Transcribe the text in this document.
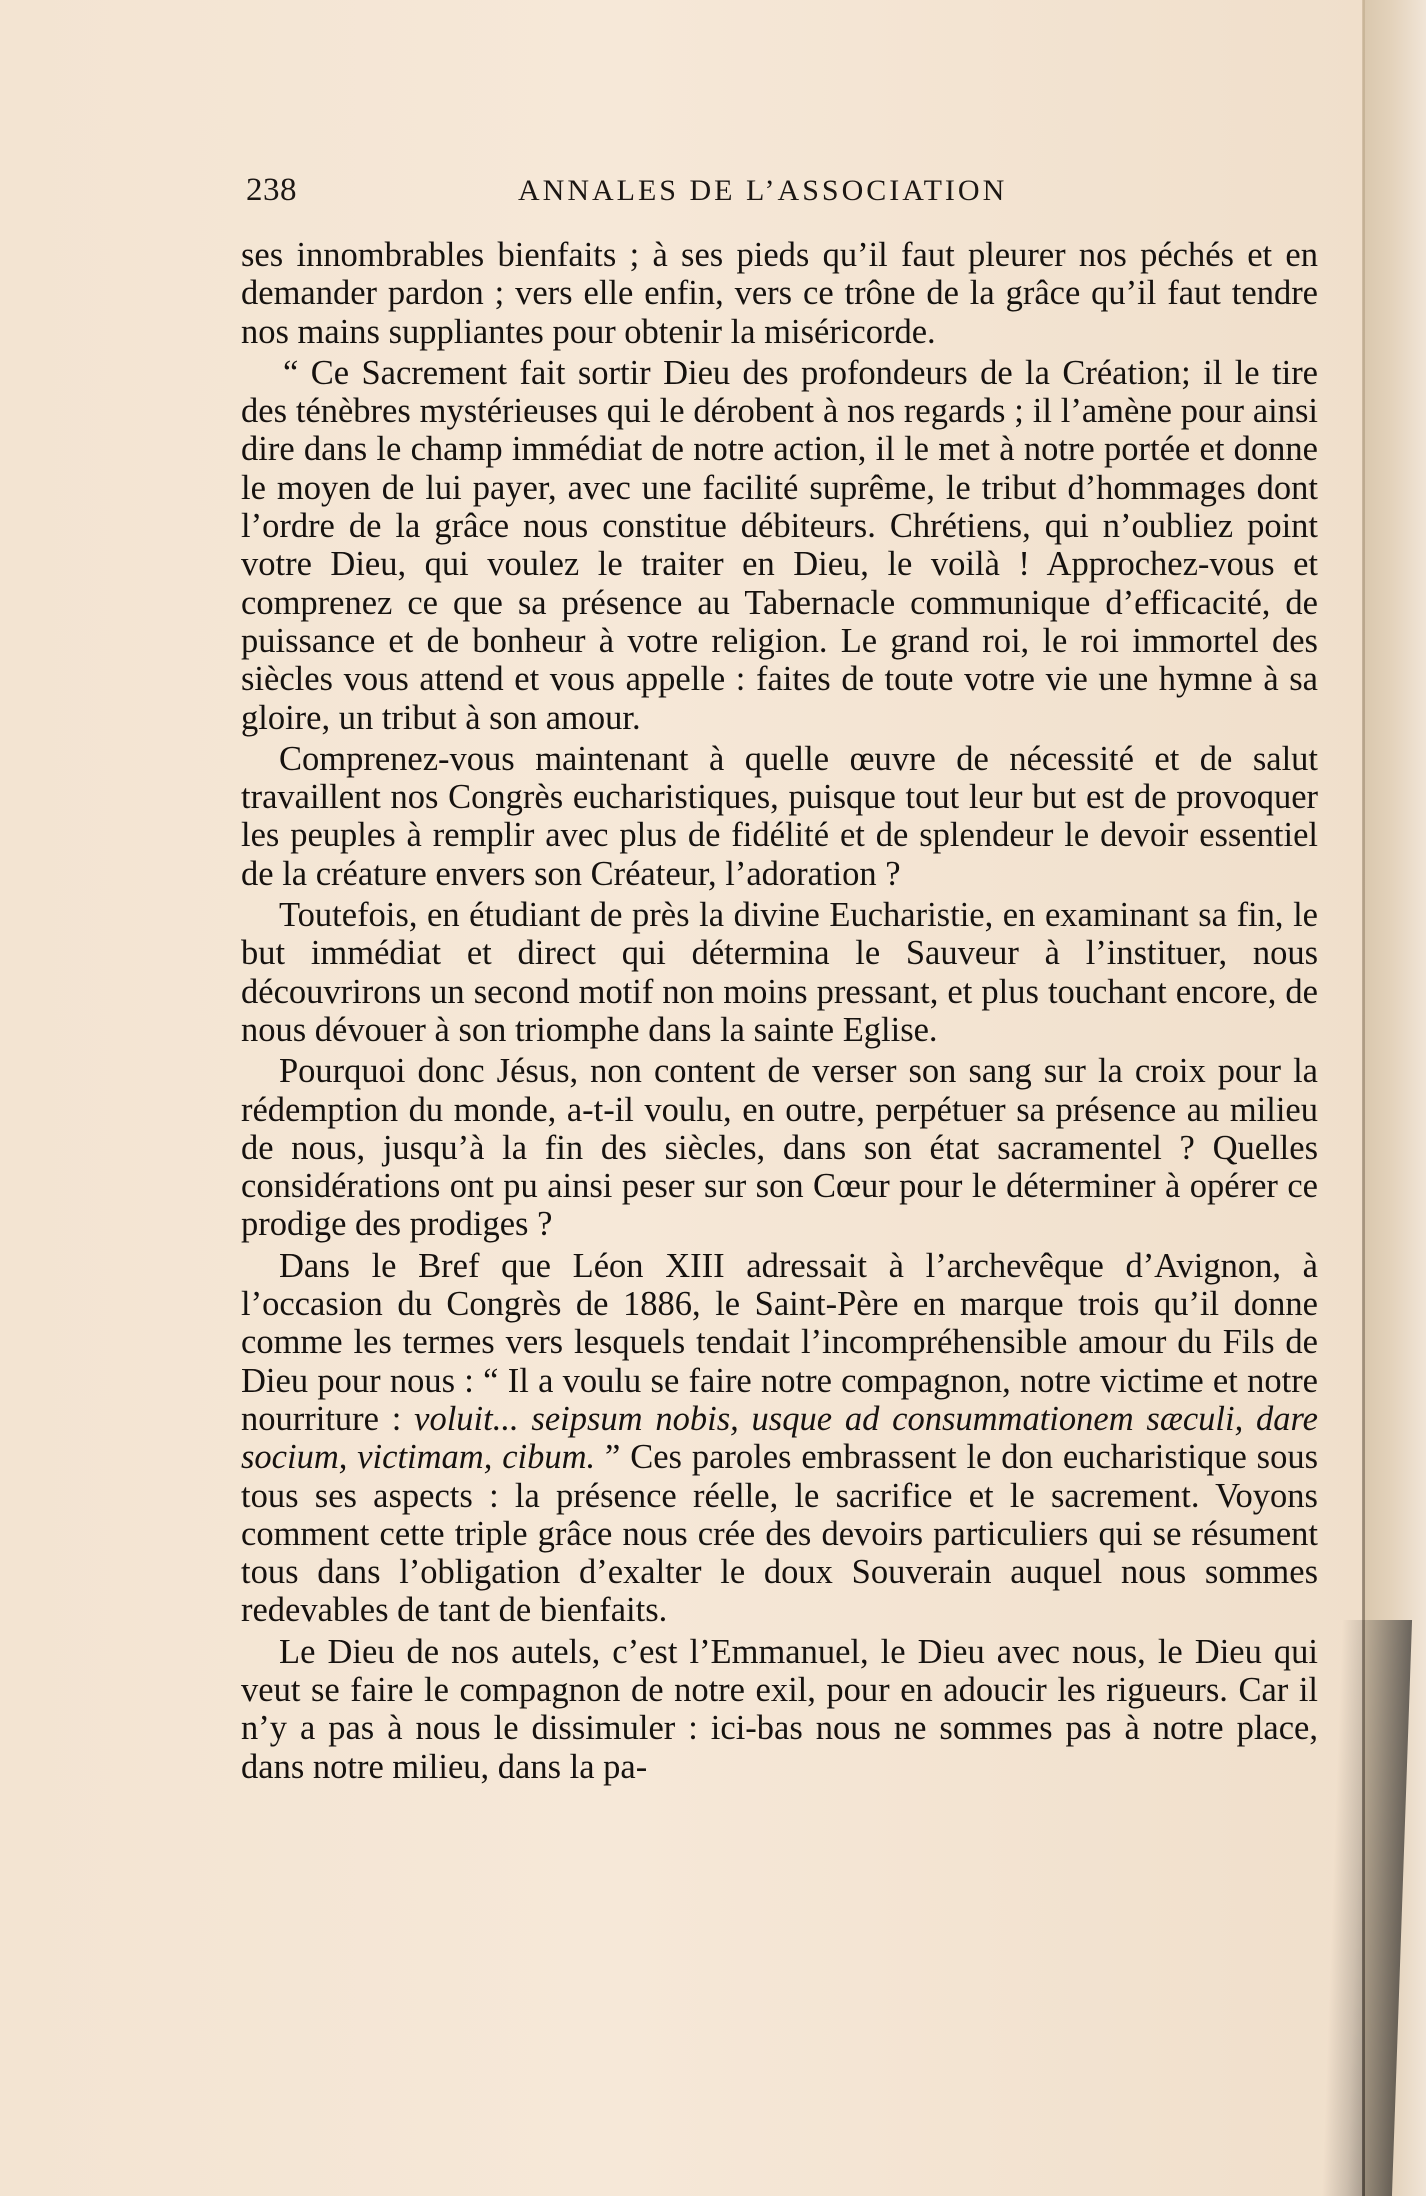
238	ANNALES DE L’ASSOCIATION

ses innombrables bienfaits ; à ses pieds qu’il faut pleurer nos péchés et en demander pardon ; vers elle enfin, vers ce trône de la grâce qu’il faut tendre nos mains suppliantes pour obtenir la miséricorde.

“ Ce Sacrement fait sortir Dieu des profondeurs de la Création; il le tire des ténèbres mystérieuses qui le dérobent à nos regards ; il l’amène pour ainsi dire dans le champ immédiat de notre action, il le met à notre portée et donne le moyen de lui payer, avec une facilité suprême, le tribut d’hommages dont l’ordre de la grâce nous constitue débiteurs. Chrétiens, qui n’oubliez point votre Dieu, qui voulez le traiter en Dieu, le voilà ! Approchez-vous et comprenez ce que sa présence au Tabernacle communique d’efficacité, de puissance et de bonheur à votre religion. Le grand roi, le roi immortel des siècles vous attend et vous appelle : faites de toute votre vie une hymne à sa gloire, un tribut à son amour.

Comprenez-vous maintenant à quelle œuvre de nécessité et de salut travaillent nos Congrès eucharistiques, puisque tout leur but est de provoquer les peuples à remplir avec plus de fidélité et de splendeur le devoir essentiel de la créature envers son Créateur, l’adoration ?

Toutefois, en étudiant de près la divine Eucharistie, en examinant sa fin, le but immédiat et direct qui détermina le Sauveur à l’instituer, nous découvrirons un second motif non moins pressant, et plus touchant encore, de nous dévouer à son triomphe dans la sainte Eglise.

Pourquoi donc Jésus, non content de verser son sang sur la croix pour la rédemption du monde, a-t-il voulu, en outre, perpétuer sa présence au milieu de nous, jusqu’à la fin des siècles, dans son état sacramentel ? Quelles considérations ont pu ainsi peser sur son Cœur pour le déterminer à opérer ce prodige des prodiges ?

Dans le Bref que Léon XIII adressait à l’archevêque d’Avignon, à l’occasion du Congrès de 1886, le Saint-Père en marque trois qu’il donne comme les termes vers lesquels tendait l’incompréhensible amour du Fils de Dieu pour nous : “ Il a voulu se faire notre compagnon, notre victime et notre nourriture : voluit... seipsum nobis, usque ad consummationem sæculi, dare socium, victimam, cibum. ” Ces paroles embrassent le don eucharistique sous tous ses aspects : la présence réelle, le sacrifice et le sacrement. Voyons comment cette triple grâce nous crée des devoirs particuliers qui se résument tous dans l’obligation d’exalter le doux Souverain auquel nous sommes redevables de tant de bienfaits.

Le Dieu de nos autels, c’est l’Emmanuel, le Dieu avec nous, le Dieu qui veut se faire le compagnon de notre exil, pour en adoucir les rigueurs. Car il n’y a pas à nous le dissimuler : ici-bas nous ne sommes pas à notre place, dans notre milieu, dans la pa-
